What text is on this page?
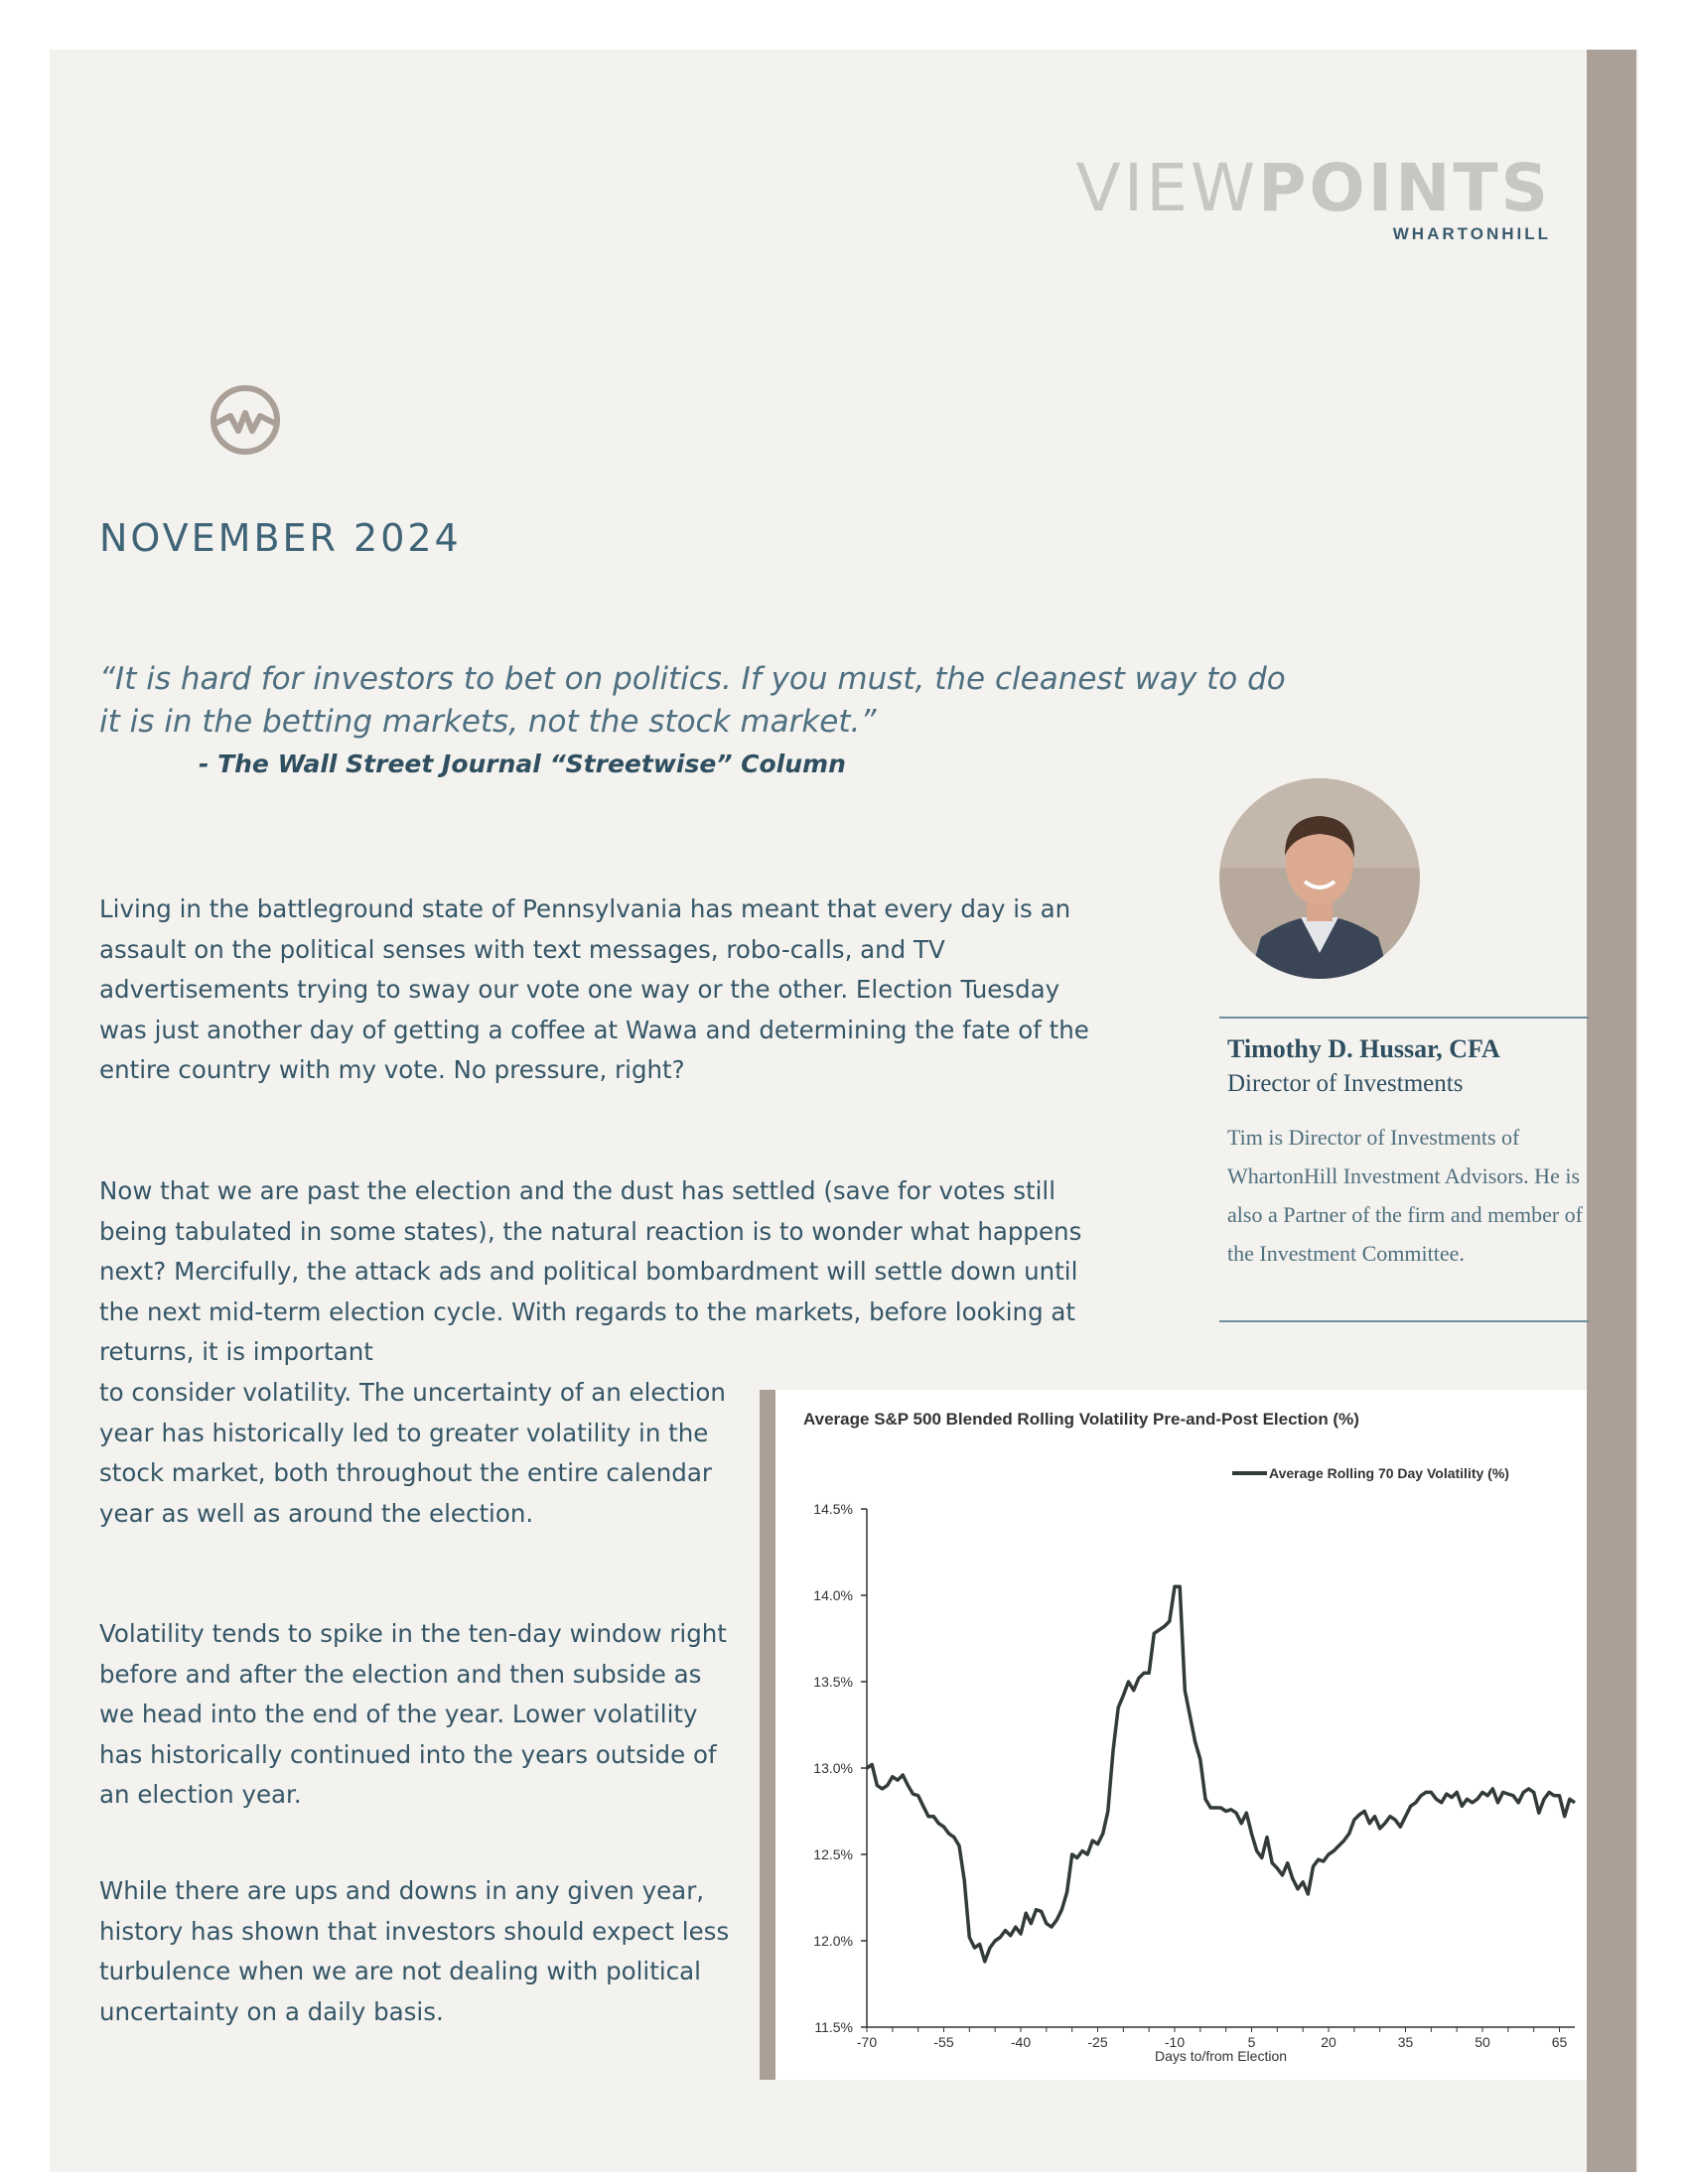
VIEWPOINTS
WHARTONHILL
NOVEMBER 2024
“It is hard for investors to bet on politics. If you must, the cleanest way to do it is in the betting markets, not the stock market.”
- The Wall Street Journal “Streetwise” Column
Timothy D. Hussar, CFA
Director of Investments
Tim is Director of Investments of WhartonHill Investment Advisors. He is also a Partner of the firm and member of the Investment Committee.
Living in the battleground state of Pennsylvania has meant that every day is an assault on the political senses with text messages, robo-calls, and TV advertisements trying to sway our vote one way or the other. Election Tuesday was just another day of getting a coffee at Wawa and determining the fate of the entire country with my vote. No pressure, right?
Now that we are past the election and the dust has settled (save for votes still being tabulated in some states), the natural reaction is to wonder what happens next? Mercifully, the attack ads and political bombardment will settle down until the next mid-term election cycle. With regards to the markets, before looking at returns, it is important
to consider volatility. The uncertainty of an election year has historically led to greater volatility in the stock market, both throughout the entire calendar year as well as around the election.
Volatility tends to spike in the ten-day window right before and after the election and then subside as we head into the end of the year. Lower volatility has historically continued into the years outside of an election year.
While there are ups and downs in any given year, history has shown that investors should expect less turbulence when we are not dealing with political uncertainty on a daily basis.
Average S&P 500 Blended Rolling Volatility Pre-and-Post Election (%)
11.5%
12.0%
12.5%
13.0%
13.5%
14.0%
14.5%
-70	-55	-40	-25	-10	5	20	35	50	65
Days to/from Election
Average Rolling 70 Day Volatility (%)
